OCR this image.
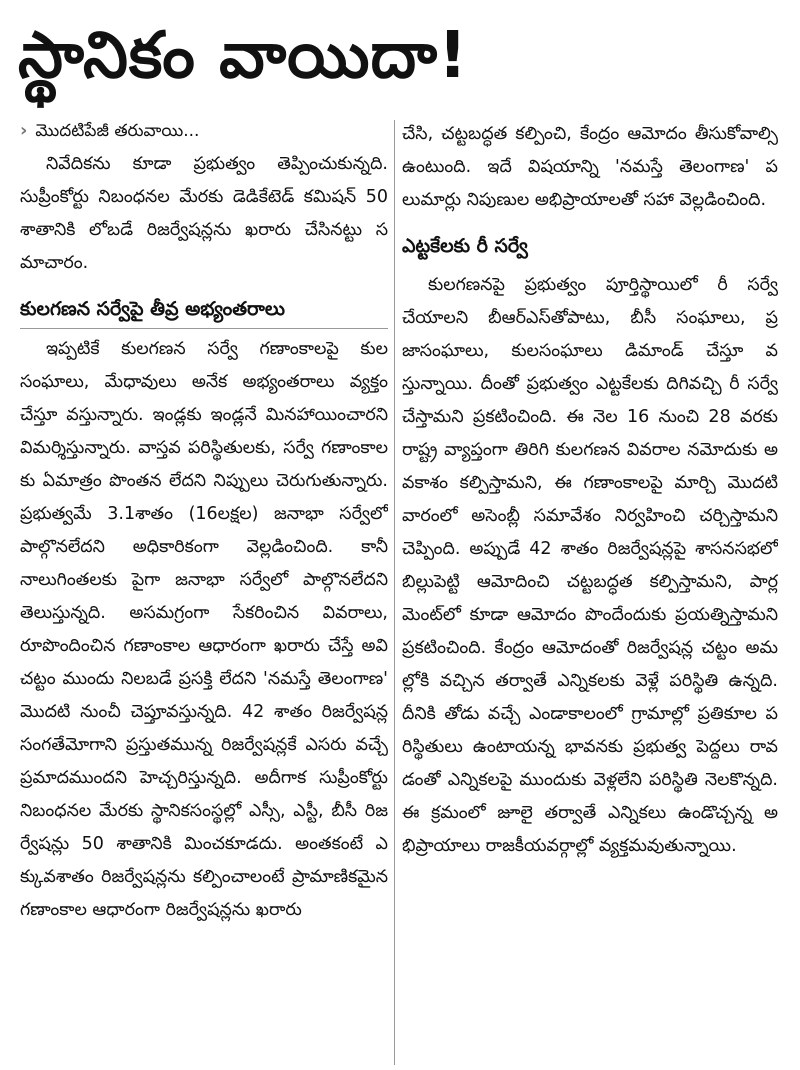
స్థానికం వాయిదా!
› మొదటిపేజీ తరువాయి...

నివేదికను కూడా ప్రభుత్వం తెప్పించుకున్నది. సుప్రీంకోర్టు నిబంధనల మేరకు డెడికేటెడ్ కమిషన్ 50 శాతానికి లోబడే రిజర్వేషన్లను ఖరారు చేసినట్టు సమాచారం.

కులగణన సర్వేపై తీవ్ర అభ్యంతరాలు

ఇప్పటికే కులగణన సర్వే గణాంకాలపై కుల సంఘాలు, మేధావులు అనేక అభ్యంతరాలు వ్యక్తం చేస్తూ వస్తున్నారు. ఇండ్లకు ఇండ్లనే మినహాయించారని విమర్శిస్తున్నారు. వాస్తవ పరిస్థితులకు, సర్వే గణాంకాలకు ఏమాత్రం పొంతన లేదని నిప్పులు చెరుగుతున్నారు. ప్రభుత్వమే 3.1శాతం (16లక్షల) జనాభా సర్వేలో పాల్గొనలేదని అధికారికంగా వెల్లడించింది. కానీ నాలుగింతలకు పైగా జనాభా సర్వేలో పాల్గొనలేదని తెలుస్తున్నది. అసమగ్రంగా సేకరించిన వివరాలు, రూపొందించిన గణాంకాల ఆధారంగా ఖరారు చేస్తే అవి చట్టం ముందు నిలబడే ప్రసక్తి లేదని 'నమస్తే తెలంగాణ' మొదటి నుంచీ చెప్తూవస్తున్నది. 42 శాతం రిజర్వేషన్ల సంగతేమోగాని ప్రస్తుతమున్న రిజర్వేషన్లకే ఎసరు వచ్చే ప్రమాదముందని హెచ్చరిస్తున్నది. అదీగాక సుప్రీంకోర్టు నిబంధనల మేరకు స్థానికసంస్థల్లో ఎస్సీ, ఎస్టీ, బీసీ రిజర్వేషన్లు 50 శాతానికి మించకూడదు. అంతకంటే ఎక్కువశాతం రిజర్వేషన్లను కల్పించాలంటే ప్రామాణికమైన గణాంకాల ఆధారంగా రిజర్వేషన్లను ఖరారు

చేసి, చట్టబద్ధత కల్పించి, కేంద్రం ఆమోదం తీసుకోవాల్సి ఉంటుంది. ఇదే విషయాన్ని 'నమస్తే తెలంగాణ' పలుమార్లు నిపుణుల అభిప్రాయాలతో సహా వెల్లడించింది.

ఎట్టకేలకు రీ సర్వే

కులగణనపై ప్రభుత్వం పూర్తిస్థాయిలో రీ సర్వే చేయాలని బీఆర్ఎస్‌తోపాటు, బీసీ సంఘాలు, ప్రజాసంఘాలు, కులసంఘాలు డిమాండ్ చేస్తూ వస్తున్నాయి. దీంతో ప్రభుత్వం ఎట్టకేలకు దిగివచ్చి రీ సర్వే చేస్తామని ప్రకటించింది. ఈ నెల 16 నుంచి 28 వరకు రాష్ట్ర వ్యాప్తంగా తిరిగి కులగణన వివరాల నమోదుకు అవకాశం కల్పిస్తామని, ఈ గణాంకాలపై మార్చి మొదటి వారంలో అసెంబ్లీ సమావేశం నిర్వహించి చర్చిస్తామని చెప్పింది. అప్పుడే 42 శాతం రిజర్వేషన్లపై శాసనసభలో బిల్లుపెట్టి ఆమోదించి చట్టబద్ధత కల్పిస్తామని, పార్లమెంట్‌లో కూడా ఆమోదం పొందేందుకు ప్రయత్నిస్తామని ప్రకటించింది. కేంద్రం ఆమోదంతో రిజర్వేషన్ల చట్టం అమల్లోకి వచ్చిన తర్వాతే ఎన్నికలకు వెళ్లే పరిస్థితి ఉన్నది. దీనికి తోడు వచ్చే ఎండాకాలంలో గ్రామాల్లో ప్రతికూల పరిస్థితులు ఉంటాయన్న భావనకు ప్రభుత్వ పెద్దలు రావడంతో ఎన్నికలపై ముందుకు వెళ్లలేని పరిస్థితి నెలకొన్నది. ఈ క్రమంలో జూలై తర్వాతే ఎన్నికలు ఉండొచ్చన్న అభిప్రాయాలు రాజకీయవర్గాల్లో వ్యక్తమవుతున్నాయి.
